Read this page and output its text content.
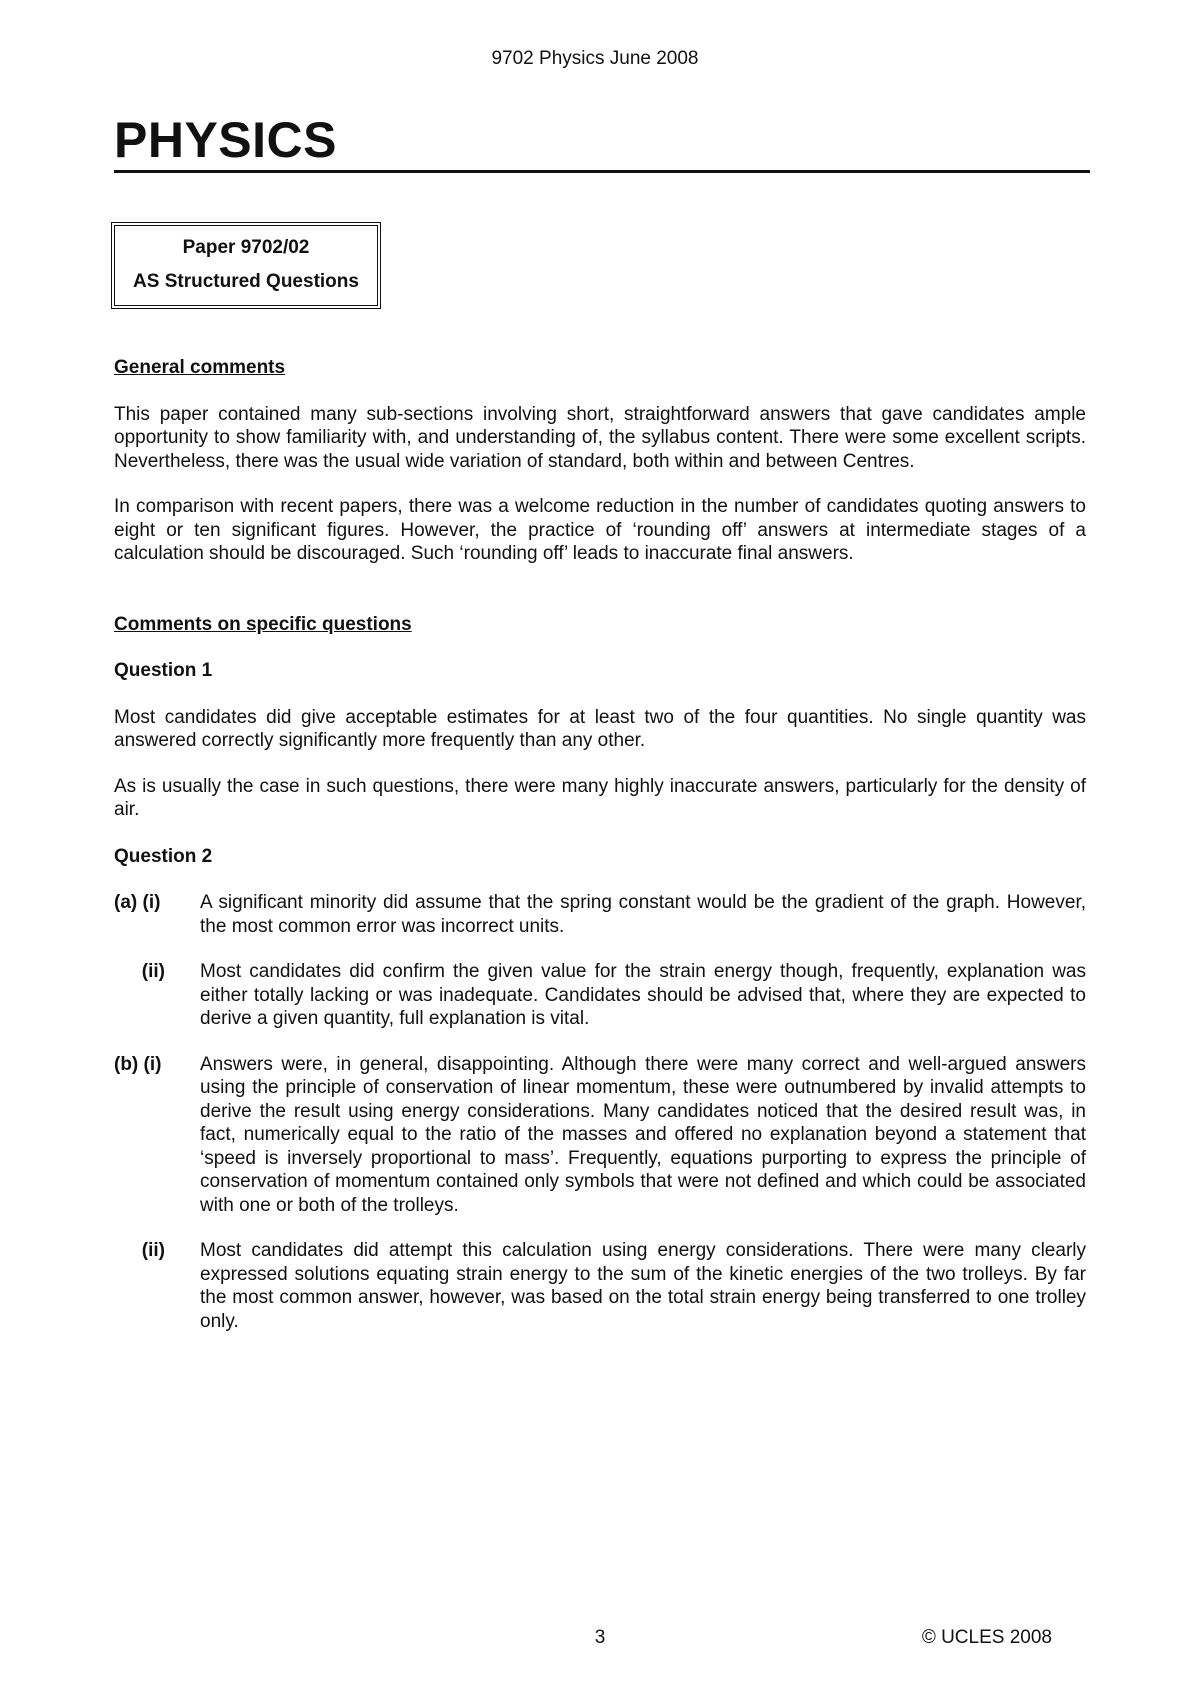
9702 Physics June 2008
PHYSICS
Paper 9702/02
AS Structured Questions

General comments

This paper contained many sub-sections involving short, straightforward answers that gave candidates ample opportunity to show familiarity with, and understanding of, the syllabus content. There were some excellent scripts. Nevertheless, there was the usual wide variation of standard, both within and between Centres.

In comparison with recent papers, there was a welcome reduction in the number of candidates quoting answers to eight or ten significant figures. However, the practice of ‘rounding off’ answers at intermediate stages of a calculation should be discouraged. Such ‘rounding off’ leads to inaccurate final answers.

Comments on specific questions

Question 1

Most candidates did give acceptable estimates for at least two of the four quantities. No single quantity was answered correctly significantly more frequently than any other.

As is usually the case in such questions, there were many highly inaccurate answers, particularly for the density of air.

Question 2

(a) (i)	A significant minority did assume that the spring constant would be the gradient of the graph. However, the most common error was incorrect units.
(ii)	Most candidates did confirm the given value for the strain energy though, frequently, explanation was either totally lacking or was inadequate. Candidates should be advised that, where they are expected to derive a given quantity, full explanation is vital.
(b) (i)	Answers were, in general, disappointing. Although there were many correct and well-argued answers using the principle of conservation of linear momentum, these were outnumbered by invalid attempts to derive the result using energy considerations. Many candidates noticed that the desired result was, in fact, numerically equal to the ratio of the masses and offered no explanation beyond a statement that ‘speed is inversely proportional to mass’. Frequently, equations purporting to express the principle of conservation of momentum contained only symbols that were not defined and which could be associated with one or both of the trolleys.
(ii)	Most candidates did attempt this calculation using energy considerations. There were many clearly expressed solutions equating strain energy to the sum of the kinetic energies of the two trolleys. By far the most common answer, however, was based on the total strain energy being transferred to one trolley only.
3	© UCLES 2008
